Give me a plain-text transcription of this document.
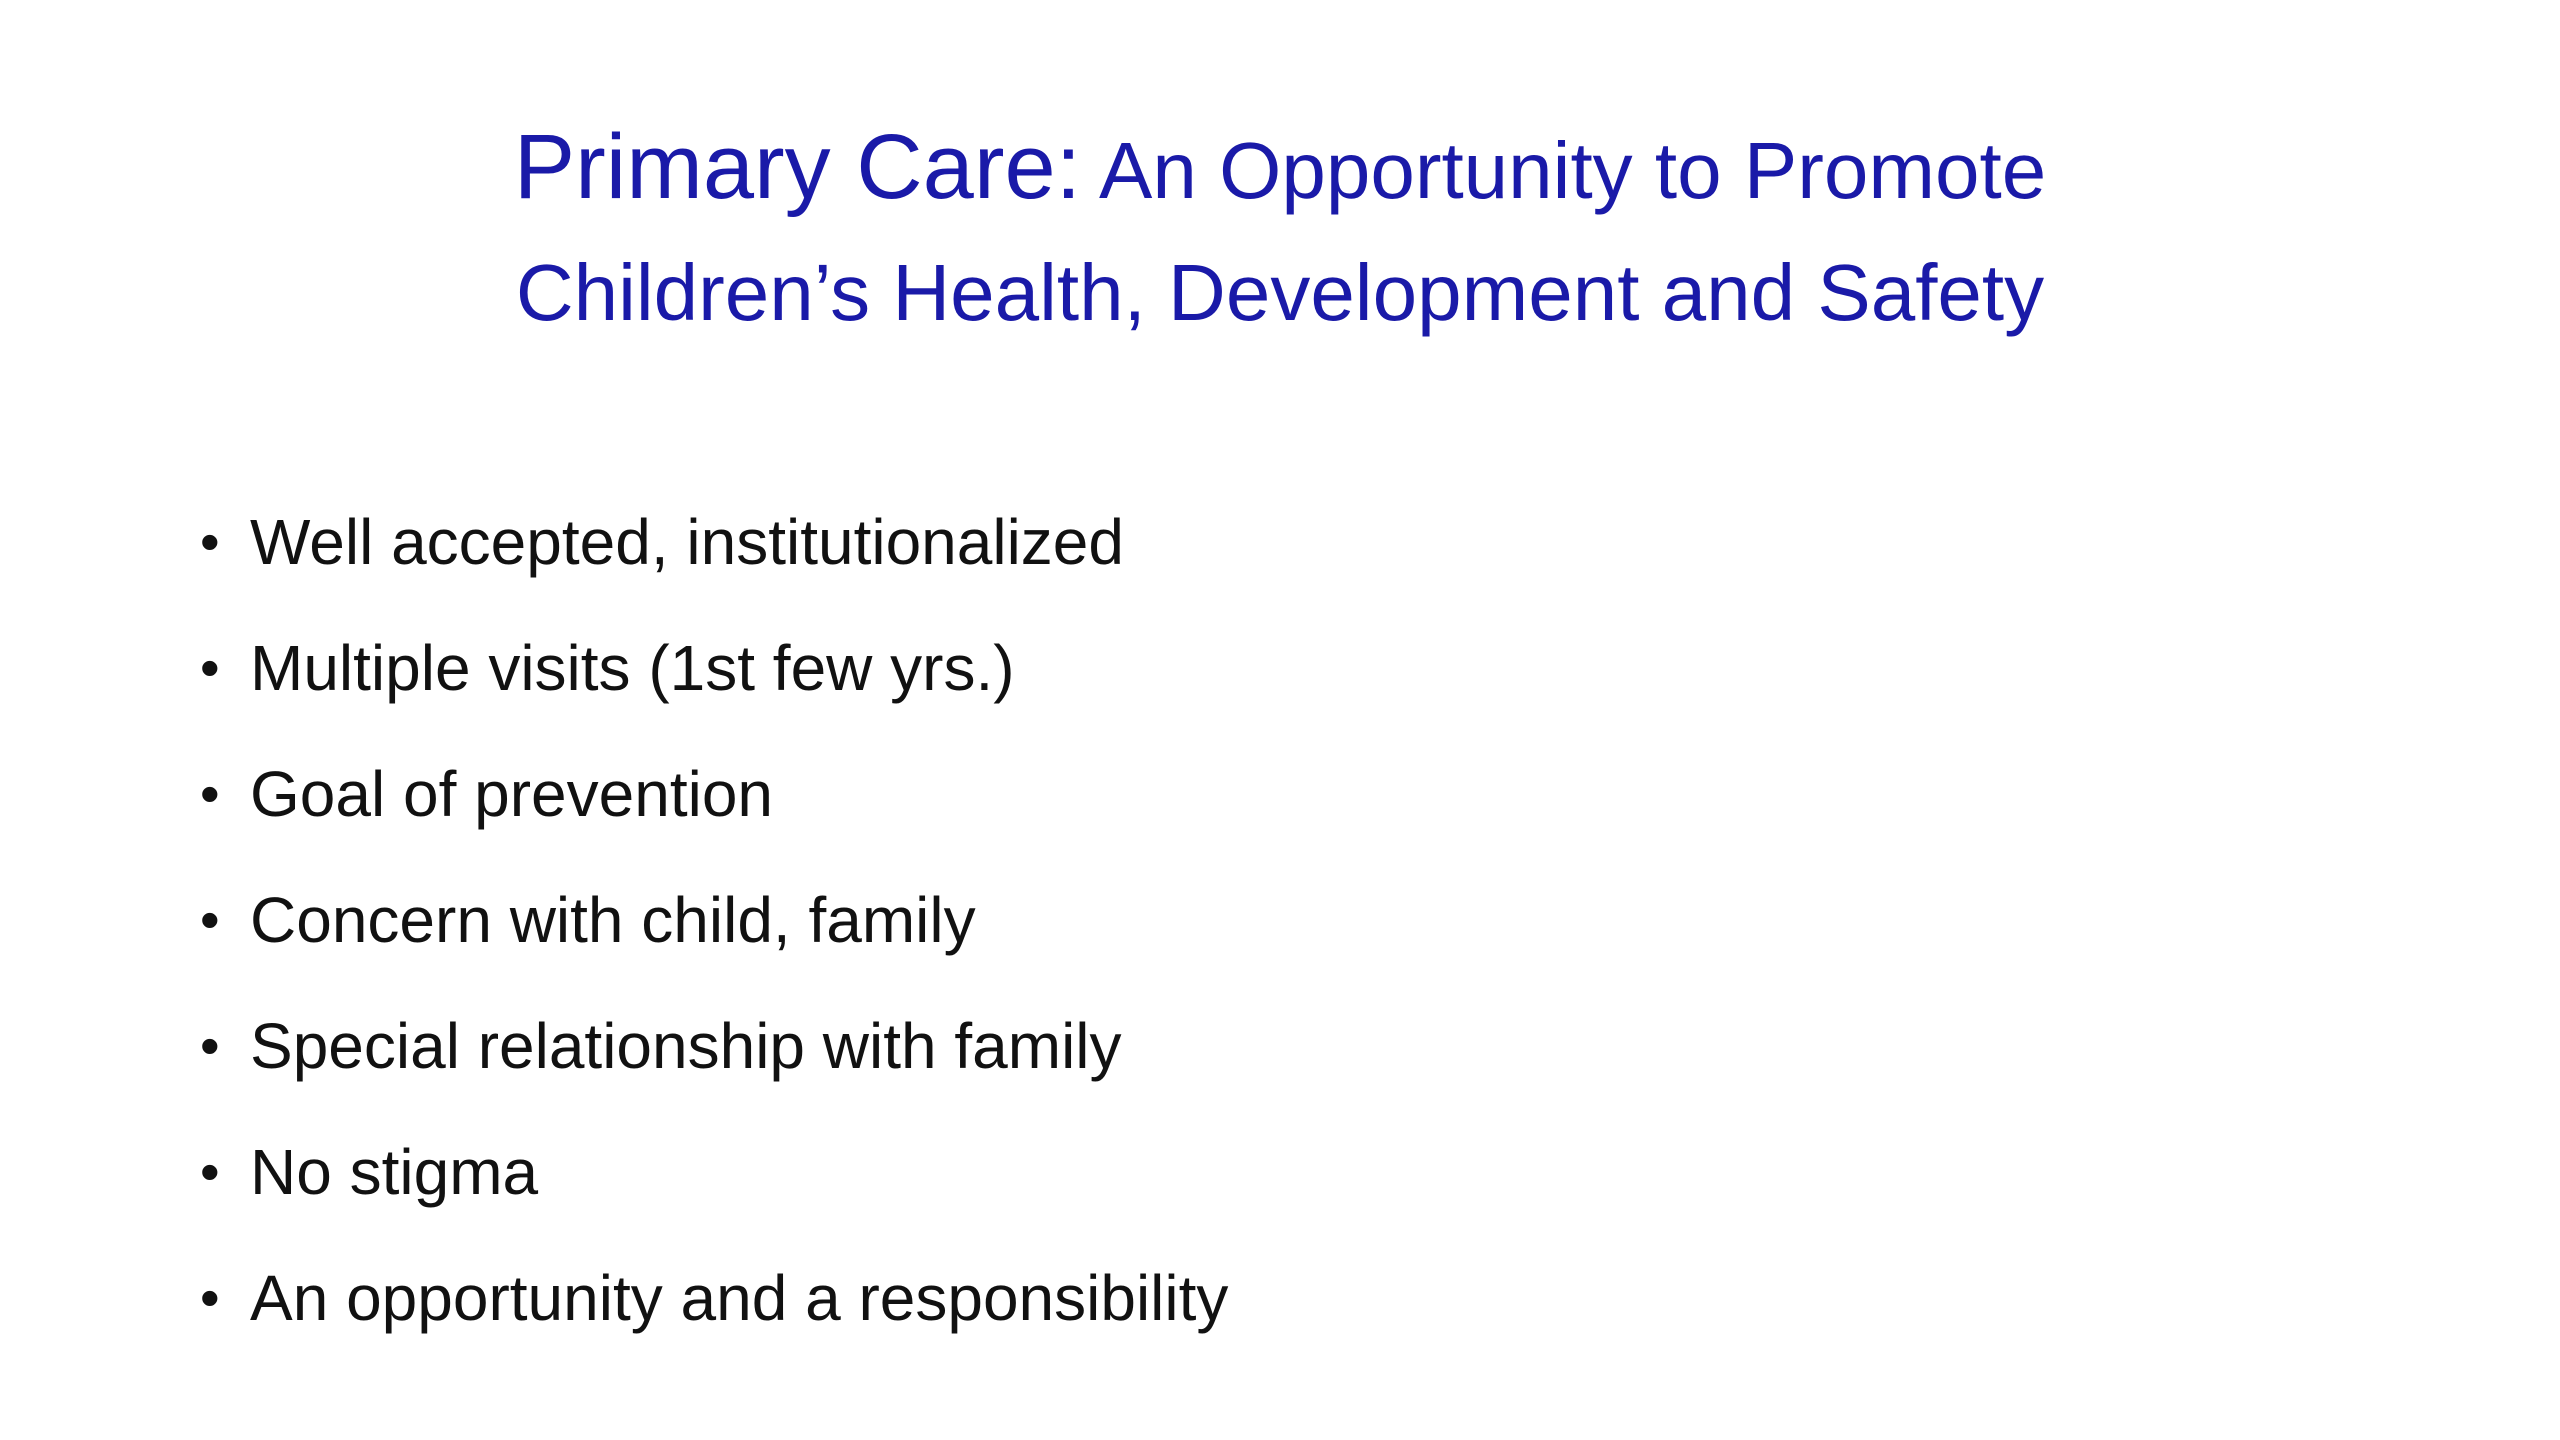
Primary Care: An Opportunity to Promote
Children’s Health, Development and Safety
• Well accepted, institutionalized
• Multiple visits (1st few yrs.)
• Goal of prevention
• Concern with child, family
• Special relationship with family
• No stigma
• An opportunity and a responsibility
